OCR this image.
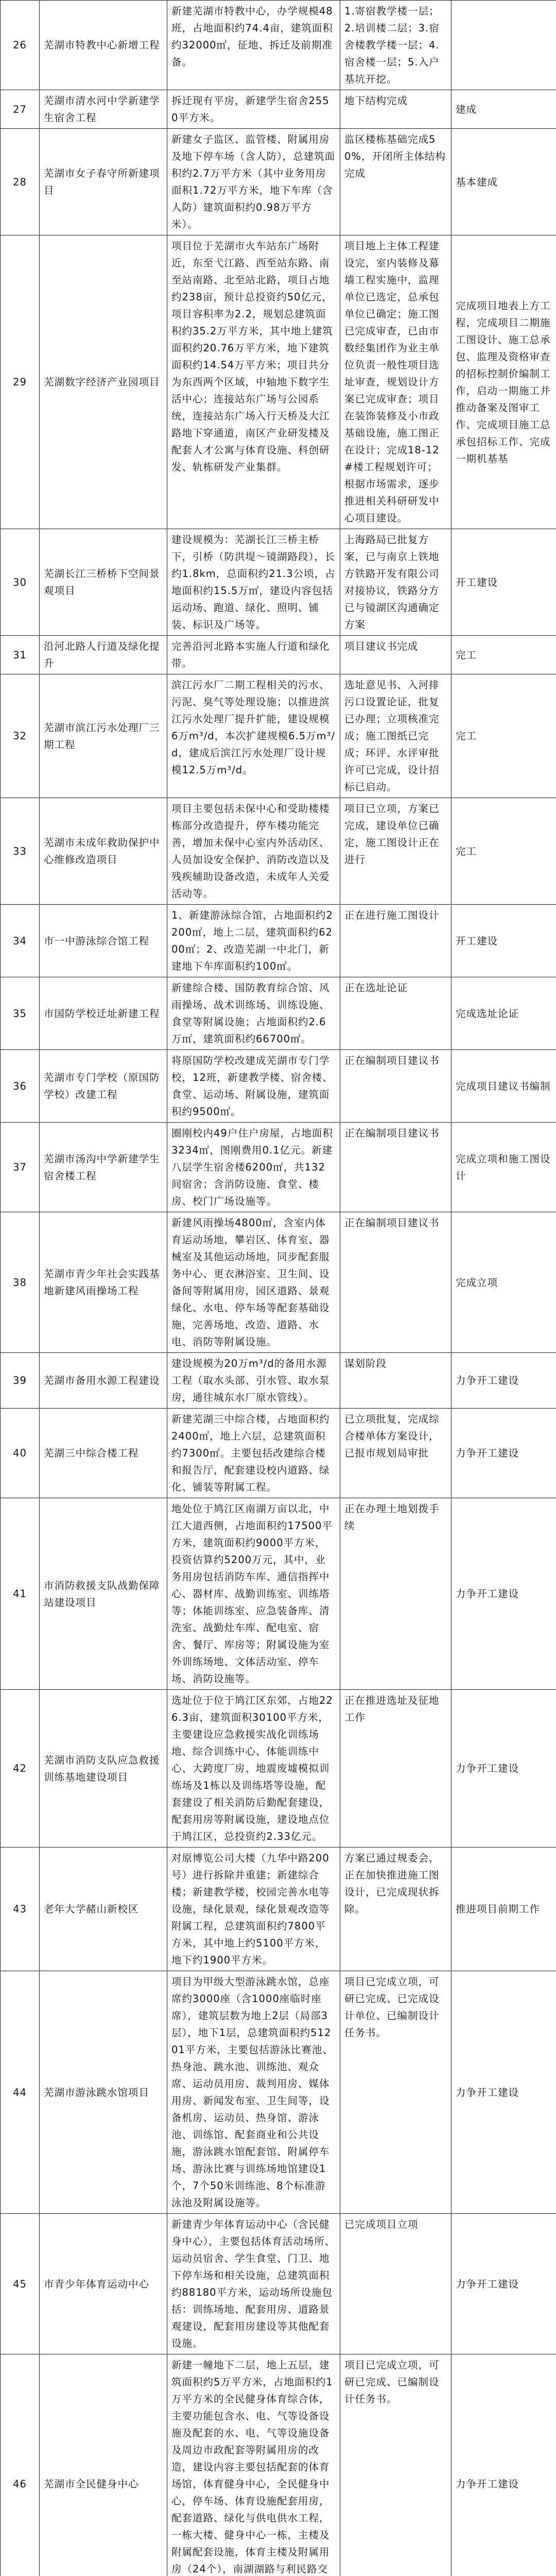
26	芜湖市特教中心新增工程	新建芜湖市特教中心，办学规模48班，占地面积约74.4亩，建筑面积约32000㎡，征地、拆迁及前期准备。	1.寄宿教学楼一层；2.培训楼二层；3.宿舍楼教学楼一层；4.宿舍楼一层；5.入户基坑开挖。	
27	芜湖市清水河中学新建学生宿舍工程	拆迁现有平房，新建学生宿舍2550平方米。	地下结构完成	建成
28	芜湖市女子春守所新建项目	新建女子监区、监管楼、附属用房及地下停车场（含人防），总建筑面积约2.7万平方米（其中业务用房面积1.72万平方米，地下车库（含人防）建筑面积约0.98万平方米）。	监区楼栋基础完成50%，开闭所主体结构完成	基本建成
29	芜湖数字经济产业园项目	项目位于芜湖市火车站东广场附近，东至弋江路、西至站东路、南至站南路、北至站北路，项目占地约238亩，预计总投资约50亿元，项目容积率为2.2，规划总建筑面积约35.2万平方米，其中地上建筑面积约20.76万平方米，地下建筑面积约14.54万平方米；项目共分为东西两个区域，中轴地下数字生活中心；连接站东广场与公园系统，连接站东广场入行天桥及大江路地下穿通道，南区产业研发楼及配套人才公寓与体育设施、科创研发、轨栋研发产业集群。	项目地上主体工程建设完，室内装修及幕墙工程实施中，监理单位已选定，总承包单位已确定；施工图已完成审查，已由市数经集团作为业主单位负责一般性项目选址审查，规划设计方案已完成审查；项目在装饰装修及小市政基础设施，施工图正在设计；完成18-12#楼工程规划许可；根据市场需求，逐步推进相关科研研发中心项目建设。	完成项目地表上方工程，完成项目二期施工图设计、施工总承包、监理及资格审查的招标控制价编制工作，启动一期施工并推动备案及图审工作、完成项目施工总承包招标工作、完成一期机基基
30	芜湖长江三桥桥下空间景观项目	建设规模为：芜湖长江三桥主桥下，引桥（防洪堤～镜湖路段），长约1.8km，总面积约21.3公顷，占地面积约15.5万㎡，建设内容包括运动场、跑道、绿化、照明、铺装、标识及广场等。	上海路局已批复方案，已与南京上铁地方铁路开发有限公司对接协议，铁路分方已与镜湖区沟通确定方案	开工建设
31	沿河北路人行道及绿化提升	完善沿河北路本实施人行道和绿化带。	项目建议书完成	完工
32	芜湖市滨江污水处理厂三期工程	滨江污水厂二期工程相关的污水、污泥、臭气等处理设施；以推进滨江污水处理厂提升扩能，建设规模6万m³/d，本次扩建规模6.5万m³/d，建成后滨江污水处理厂设计规模12.5万m³/d。	选址意见书、入河排污口设置论证，批复已办理；立项核准完成；施工图纸已完成；环评、水评审批许可已完成，设计招标已启动。	完工
33	芜湖市未成年救助保护中心维修改造项目	项目主要包括未保中心和受助楼楼栋部分改造提升，停车楼功能完善，增加未保中心室内外活动区、人员加设安全保护、消防改造以及残疾辅助设备改造，未成年人关爱活动等。	项目已立项，方案已完成，建设单位已确定，施工图设计正在进行	完工
34	市一中游泳综合馆工程	1、新建游泳综合馆，占地面积约2200㎡，地上二层，建筑面积约6200㎡；2、改造芜湖一中北门，新建地下车库面积约100㎡。	正在进行施工图设计	开工建设
35	市国防学校迁址新建工程	新建综合楼、国防教育综合馆、风雨操场、战术训练场、训练设施、食堂等附属设施；占地面积约2.6万㎡，建筑面积约66700㎡。	正在选址论证	完成选址论证
36	芜湖市专门学校（原国防学校）改建工程	将原国防学校改建成芜湖市专门学校，12班，新建教学楼、宿舍楼、食堂、运动场、附属设施，建筑面积约9500㎡。	正在编制项目建议书	完成项目建议书编制
37	芜湖市汤沟中学新建学生宿舍楼工程	圈刚校内49户住户房屋，占地面积3234㎡，图刚费用0.1亿元。新建八层学生宿舍楼6200㎡，共132间宿舍；含消防设施、食堂、楼房、校门广场设施等。	正在编制项目建议书	完成立项和施工图设计
38	芜湖市青少年社会实践基地新建风雨操场工程	新建风雨操场4800㎡，含室内体育运动场地，攀岩区、体育室、器械室及其他运动场地，同步配套服务中心、更衣淋浴室、卫生间、设备间等附属用房，园区道路、景观绿化、水电、停车场等配套基础设施，完善场地，改造、道路、水电、消防等附属设施。	正在编制项目建议书	完成立项
39	芜湖市备用水源工程建设	建设规模为20万m³/d的备用水源工程（取水头部、引水管、取水泵房，通往城东水厂原水管线）。	谋划阶段	力争开工建设
40	芜湖三中综合楼工程	新建芜湖三中综合楼，占地面积约2400㎡，地上六层，总建筑面积约7300㎡。主要包括改建综合楼和报告厅，配套建设校内道路、绿化、铺装等附属工程。	已立项批复，完成综合楼单体方案设计，已报市规划局审批	力争开工建设
41	市消防救援支队战勤保障站建设项目	地处位于鸠江区南湖万亩以北，中江大道西侧，占地面积约17500平方米，建筑面积约9000平方米，投资估算约5200万元，其中，业务用房包括消防车库、通信指挥中心、器材库、战勤训练室、训练塔等；体能训练室、应急装备库、清洗室、战勤灶车库、配电室、宿舍、餐厅、库房等；附属设施为室外训练场地、文体活动室、停车场、消防设施等。	正在办理土地划拨手续	力争开工建设
42	芜湖市消防支队应急救援训练基地建设项目	选址位于位于鸠江区东郊，占地226.3亩，建筑面积30100平方米，主要建设应急救援实战化训练场地、综合训练中心、体能训练中心、大跨度厂房、地震废墟模拟训练场及1栋以及训练塔等设施，配套建设了相关消防后勤配套建设，配套用房等附属设施，建设地点位于鸠江区，总投资约2.33亿元。	正在推进选址及征地工作	力争开工建设
43	老年大学赭山新校区	对原博览公司大楼（九华中路200号）进行拆除并重建；新建综合楼；新建教学楼，校园完善水电等设施，绿化景观，绿化景观改造等附属工程，总建筑面积约7800平方米，其中地上约5100平方米，地下约1900平方米。	方案已通过规委会，正在加快推进施工图设计，已完成现状拆除。	推进项目前期工作
44	芜湖市游泳跳水馆项目	项目为甲级大型游泳跳水馆，总座席约3000座（含1000座临时座席），建筑层数为地上2层（局部3层），地下1层，总建筑面积约51201平方米，主要包括游泳比赛池、热身池、跳水池、训练池、观众席、运动员用房、裁判用房、媒体用房、新闻发布室、卫生间等，设备机房、运动员、热身馆、游泳池、训练馆、配套商业和公共设施，游泳跳水馆配套馆、附属停车场、游泳比赛与训练场地馆建设1个，7个50米训练池、8个标准游泳池及附属设施等。	项目已完成立项，可研已完成、已完成设计单位、已编制设计任务书。	力争开工建设
45	市青少年体育运动中心	新建青少年体育运动中心（含民健身中心），主要包括体育活动场所、运动员宿舍、学生食堂、门卫、地下停车场和相关设施，总建筑面积约88180平方米，运动场所设施包括：训练场地、配套用房、道路景观建设，配套用房建设等其他配套设施。	已完成项目立项	力争开工建设
46	芜湖市全民健身中心	新建一幢地下二层，地上五层，建筑面积约5万平方米，占地面积约1万平方米的全民健身体育综合体，主要功能包含水、电、气等设备设施及配套的水、电、气等设施设备及周边市政配套等附属用房的改造，建设内容主要包括配套的体育场馆，体育健身中心，全民健身中心，停车场、体育设施配套用房，配套道路、绿化与供电供水工程，一栋大楼、健身中心一栋，主楼及附属配套设施，体育主楼及附属用房（24个），南湖湖路与利民路交	项目已完成立项，可研已完成、已编制设计任务书。	力争开工建设
